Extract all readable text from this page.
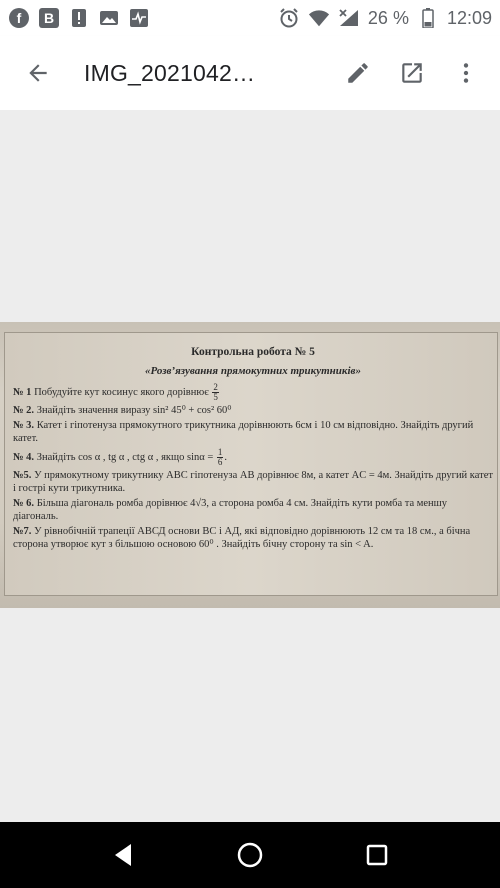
f	B	26 % 12:09
IMG_2021042…
Контрольна робота № 5
«Розв’язування прямокутних трикутників»
№ 1 Побудуйте кут косинус якого дорівнює $\frac{2}{5}$
№ 2. Знайдіть значення виразу sin² 45⁰ + cos² 60⁰
№ 3. Катет і гіпотенуза прямокутного трикутника дорівнюють 6см і 10 см відповідно. Знайдіть другий катет.
№ 4. Знайдіть cos α , tg α , ctg α , якщо $\sin\alpha = \frac{1}{6}$ .
№5. У прямокутному трикутнику ABC гіпотенуза AB дорівнює 8м, а катет AC = 4м. Знайдіть другий катет і гострі кути трикутника.
№ 6. Більша діагональ ромба дорівнює 4√3, а сторона ромба 4 см. Знайдіть кути ромба та меншу діагональ.
№7. У рівнобічній трапеції АВСД основи ВС і АД, які відповідно дорівнюють 12 см та 18 см., а бічна сторона утворює кут з більшою основою 60⁰ . Знайдіть бічну сторону та sin < A.
